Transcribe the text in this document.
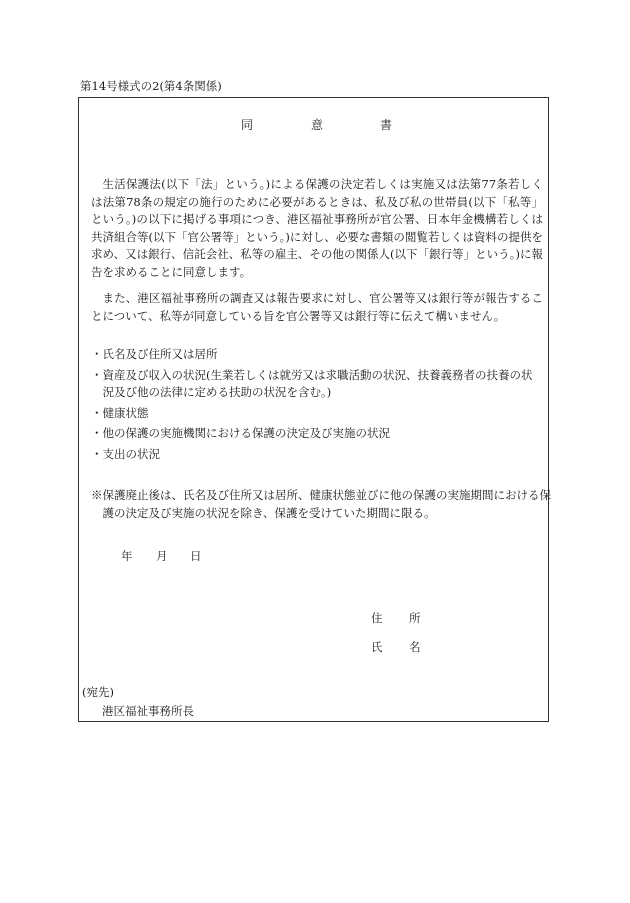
第14号様式の2(第4条関係)
同	意	書

生活保護法(以下「法」という。)による保護の決定若しくは実施又は法第77条若しくは法第78条の規定の施行のために必要があるときは、私及び私の世帯員(以下「私等」という。)の以下に掲げる事項につき、港区福祉事務所が官公署、日本年金機構若しくは共済組合等(以下「官公署等」という。)に対し、必要な書類の閲覧若しくは資料の提供を求め、又は銀行、信託会社、私等の雇主、その他の関係人(以下「銀行等」という。)に報告を求めることに同意します。

また、港区福祉事務所の調査又は報告要求に対し、官公署等又は銀行等が報告することについて、私等が同意している旨を官公署等又は銀行等に伝えて構いません。

・ 氏名及び住所又は居所
・ 資産及び収入の状況(生業若しくは就労又は求職活動の状況、扶養義務者の扶養の状況及び他の法律に定める扶助の状況を含む。)
・ 健康状態
・ 他の保護の実施機関における保護の決定及び実施の状況
・ 支出の状況

※保護廃止後は、氏名及び住所又は居所、健康状態並びに他の保護の実施期間における保護の決定及び実施の状況を除き、保護を受けていた期間に限る。

年 月 日
住 所
氏 名
(宛先)
港区福祉事務所長
